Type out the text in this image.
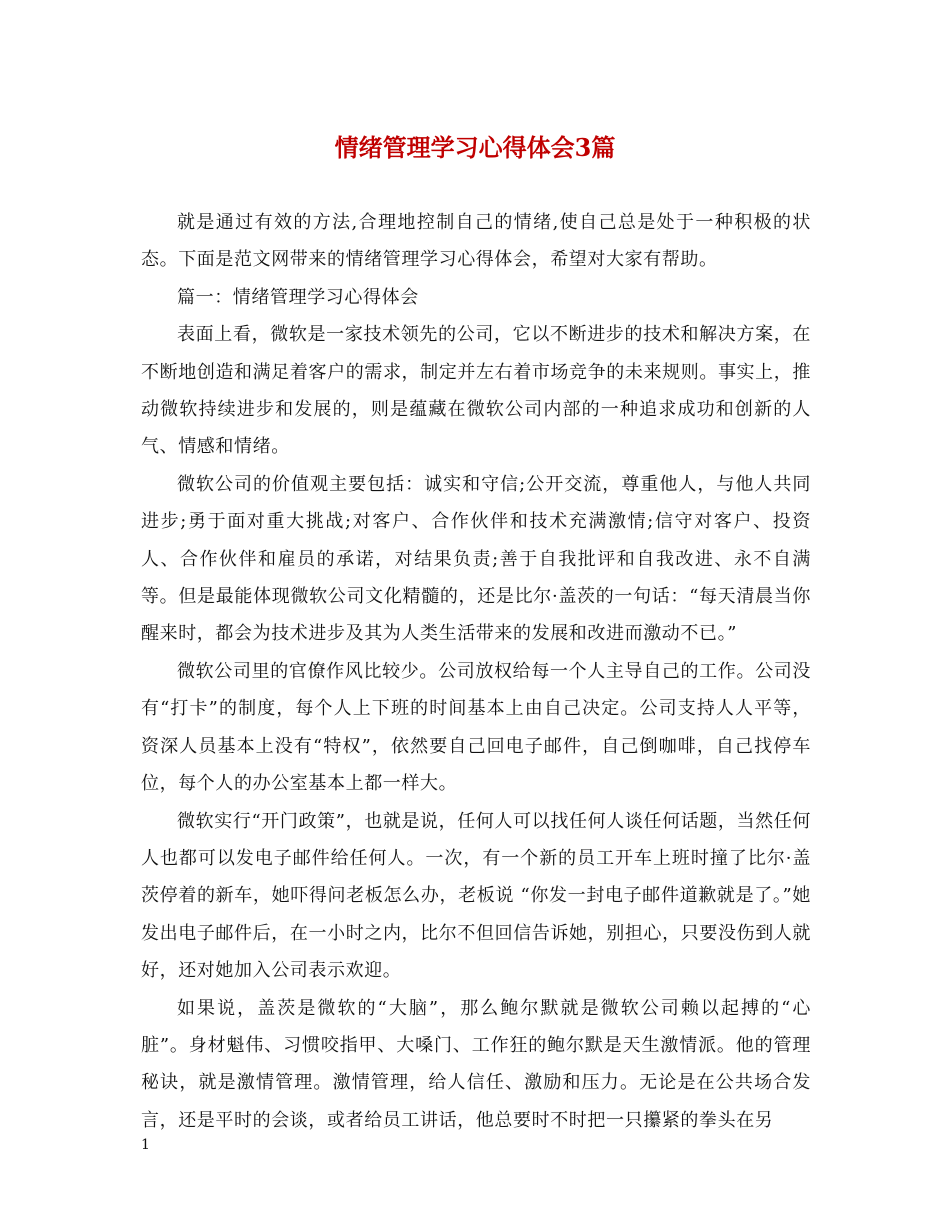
情绪管理学习心得体会3篇

就是通过有效的方法,合理地控制自己的情绪,使自己总是处于一种积极的状态。下面是范文网带来的情绪管理学习心得体会，希望对大家有帮助。

篇一：情绪管理学习心得体会

表面上看，微软是一家技术领先的公司，它以不断进步的技术和解决方案，在不断地创造和满足着客户的需求，制定并左右着市场竞争的未来规则。事实上，推动微软持续进步和发展的，则是蕴藏在微软公司内部的一种追求成功和创新的人气、情感和情绪。

微软公司的价值观主要包括：诚实和守信;公开交流，尊重他人，与他人共同进步;勇于面对重大挑战;对客户、合作伙伴和技术充满激情;信守对客户、投资人、合作伙伴和雇员的承诺，对结果负责;善于自我批评和自我改进、永不自满等。但是最能体现微软公司文化精髓的，还是比尔·盖茨的一句话：“每天清晨当你醒来时，都会为技术进步及其为人类生活带来的发展和改进而激动不已。”

微软公司里的官僚作风比较少。公司放权给每一个人主导自己的工作。公司没有“打卡”的制度，每个人上下班的时间基本上由自己决定。公司支持人人平等，资深人员基本上没有“特权”，依然要自己回电子邮件，自己倒咖啡，自己找停车位，每个人的办公室基本上都一样大。

微软实行“开门政策”，也就是说，任何人可以找任何人谈任何话题，当然任何人也都可以发电子邮件给任何人。一次，有一个新的员工开车上班时撞了比尔·盖茨停着的新车，她吓得问老板怎么办，老板说 “你发一封电子邮件道歉就是了。”她发出电子邮件后，在一小时之内，比尔不但回信告诉她，别担心，只要没伤到人就好，还对她加入公司表示欢迎。

如果说，盖茨是微软的“大脑”，那么鲍尔默就是微软公司赖以起搏的“心脏”。身材魁伟、习惯咬指甲、大嗓门、工作狂的鲍尔默是天生激情派。他的管理秘诀，就是激情管理。激情管理，给人信任、激励和压力。无论是在公共场合发言，还是平时的会谈，或者给员工讲话，他总要时不时把一只攥紧的拳头在另

1
